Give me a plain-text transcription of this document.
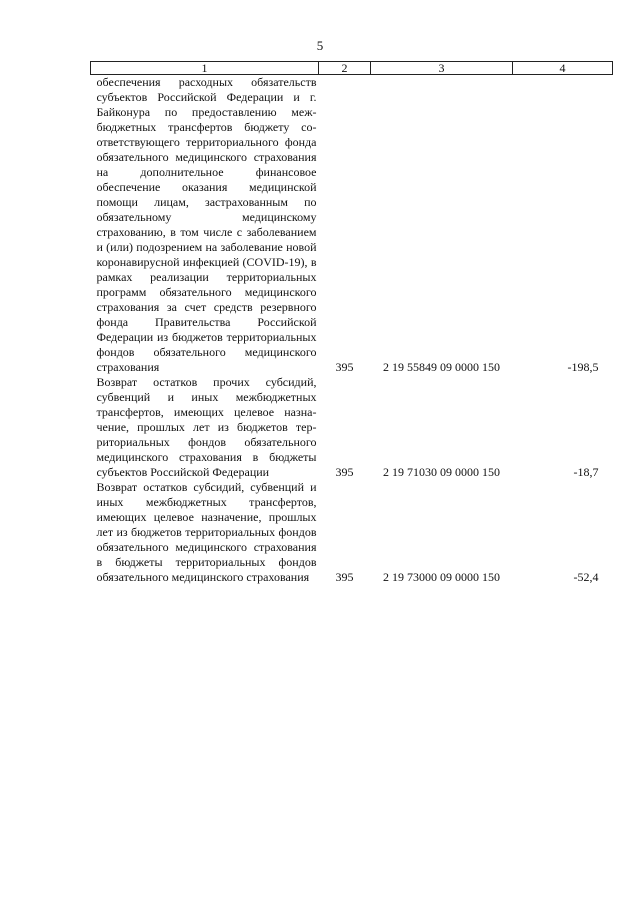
5
1	2	3	4
обеспечения расходных обязательств субъектов Российской Федерации и г. Байконура по предоставлению межбюджетных трансфертов бюджету соответствующего территориального фонда обязательного медицинского страхования на дополнительное финансовое обеспечение оказания медицинской помощи лицам, застрахованным по обязательному медицинскому страхованию, в том числе с заболеванием и (или) подозрением на заболевание новой коронавирусной инфекцией (COVID-19), в рамках реализации территориальных программ обязательного медицинского страхования за счет средств резервного фонда Правительства Российской Федерации из бюджетов территориальных фондов обязательного медицинского страхования	395	2 19 55849 09 0000 150	-198,5
Возврат остатков прочих субсидий, субвенций и иных межбюджетных трансфертов, имеющих целевое назначение, прошлых лет из бюджетов территориальных фондов обязательного медицинского страхования в бюджеты субъектов Российской Федерации	395	2 19 71030 09 0000 150	-18,7
Возврат остатков субсидий, субвенций и иных межбюджетных трансфертов, имеющих целевое назначение, прошлых лет из бюджетов территориальных фондов обязательного медицинского страхования в бюджеты территориальных фондов обязательного медицинского страхования	395	2 19 73000 09 0000 150	-52,4
